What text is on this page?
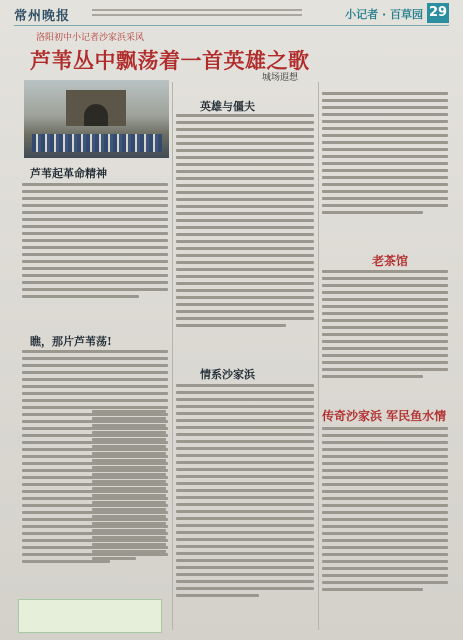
常州晚报	小记者 · 百草园 29
洛阳初中小记者沙家浜采风
芦苇丛中飘荡着一首英雄之歌
城场遐想
芦苇起革命精神
瞧，那片芦苇荡!
英雄与僵夫
情系沙家浜
老茶馆
传奇沙家浜 军民鱼水情
